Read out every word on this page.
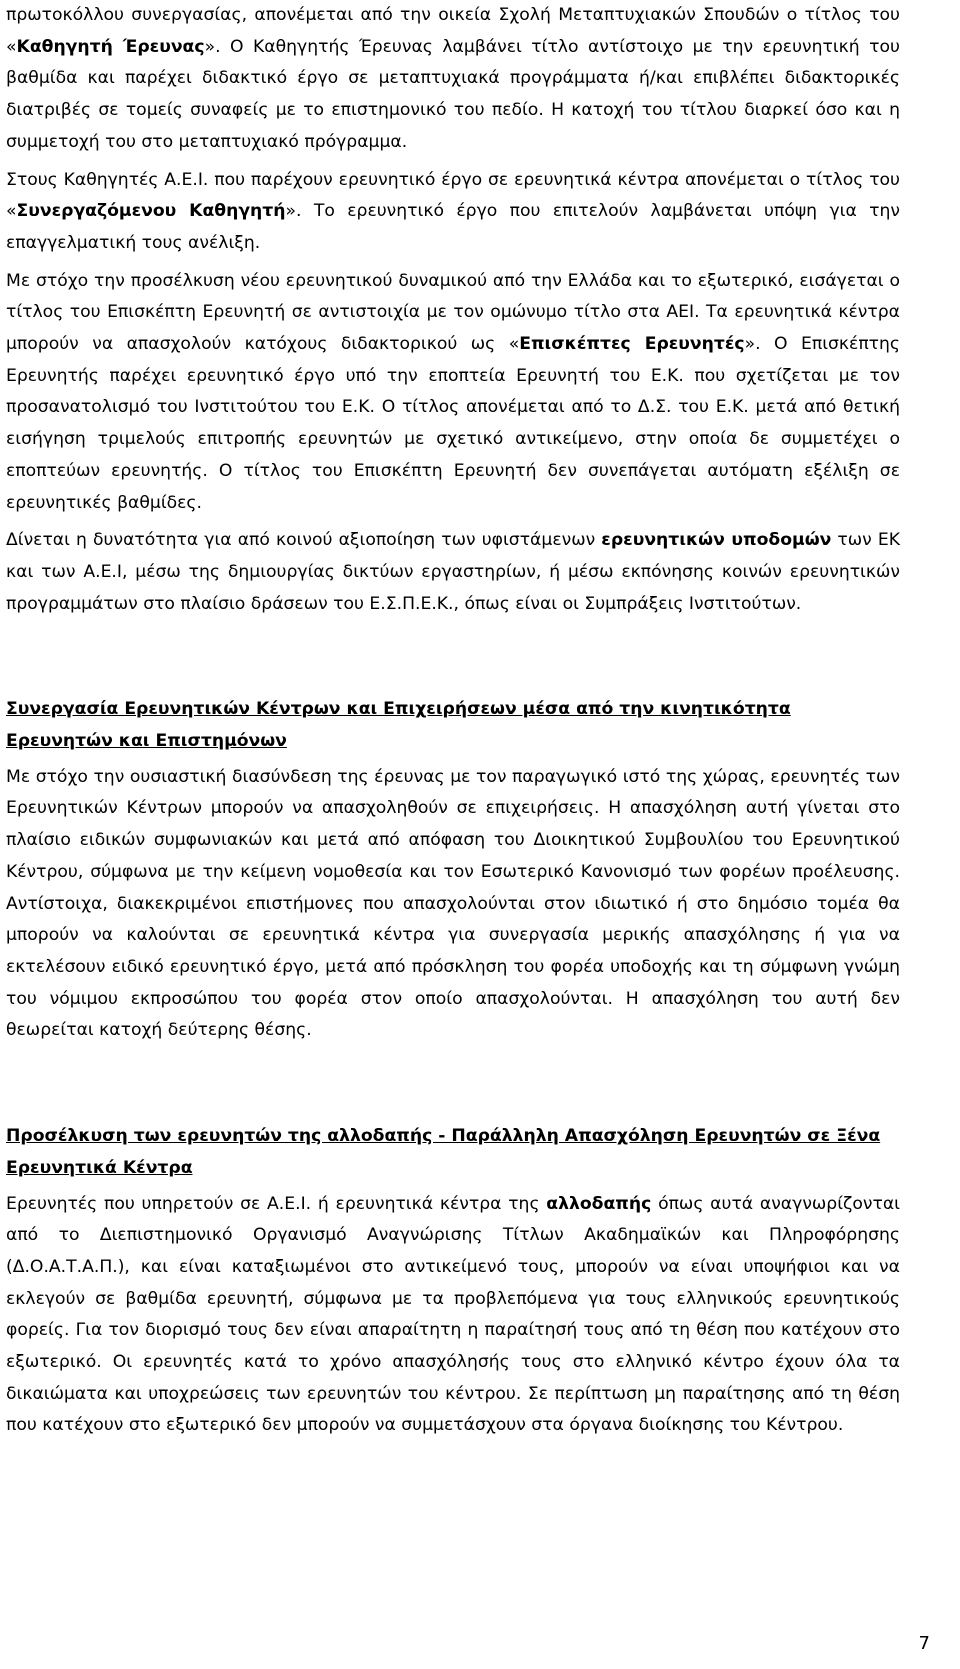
πρωτοκόλλου συνεργασίας, απονέμεται από την οικεία Σχολή Μεταπτυχιακών Σπουδών ο τίτλος του «Καθηγητή Έρευνας». Ο Καθηγητής Έρευνας λαμβάνει τίτλο αντίστοιχο με την ερευνητική του βαθμίδα και παρέχει διδακτικό έργο σε μεταπτυχιακά προγράμματα ή/και επιβλέπει διδακτορικές διατριβές σε τομείς συναφείς με το επιστημονικό του πεδίο. Η κατοχή του τίτλου διαρκεί όσο και η συμμετοχή του στο μεταπτυχιακό πρόγραμμα.

Στους Καθηγητές Α.Ε.Ι. που παρέχουν ερευνητικό έργο σε ερευνητικά κέντρα απονέμεται ο τίτλος του «Συνεργαζόμενου Καθηγητή». Το ερευνητικό έργο που επιτελούν λαμβάνεται υπόψη για την επαγγελματική τους ανέλιξη.

Με στόχο την προσέλκυση νέου ερευνητικού δυναμικού από την Ελλάδα και το εξωτερικό, εισάγεται ο τίτλος του Επισκέπτη Ερευνητή σε αντιστοιχία με τον ομώνυμο τίτλο στα ΑΕΙ. Τα ερευνητικά κέντρα μπορούν να απασχολούν κατόχους διδακτορικού ως «Επισκέπτες Ερευνητές». Ο Επισκέπτης Ερευνητής παρέχει ερευνητικό έργο υπό την εποπτεία Ερευνητή του Ε.Κ. που σχετίζεται με τον προσανατολισμό του Ινστιτούτου του Ε.Κ. Ο τίτλος απονέμεται από το Δ.Σ. του Ε.Κ. μετά από θετική εισήγηση τριμελούς επιτροπής ερευνητών με σχετικό αντικείμενο, στην οποία δε συμμετέχει ο εποπτεύων ερευνητής. Ο τίτλος του Επισκέπτη Ερευνητή δεν συνεπάγεται αυτόματη εξέλιξη σε ερευνητικές βαθμίδες.

Δίνεται η δυνατότητα για από κοινού αξιοποίηση των υφιστάμενων ερευνητικών υποδομών των ΕΚ και των Α.Ε.Ι, μέσω της δημιουργίας δικτύων εργαστηρίων, ή μέσω εκπόνησης κοινών ερευνητικών προγραμμάτων στο πλαίσιο δράσεων του Ε.Σ.Π.Ε.Κ., όπως είναι οι Συμπράξεις Ινστιτούτων.

Συνεργασία Ερευνητικών Κέντρων και Επιχειρήσεων μέσα από την κινητικότητα Ερευνητών και Επιστημόνων

Με στόχο την ουσιαστική διασύνδεση της έρευνας με τον παραγωγικό ιστό της χώρας, ερευνητές των Ερευνητικών Κέντρων μπορούν να απασχοληθούν σε επιχειρήσεις. Η απασχόληση αυτή γίνεται στο πλαίσιο ειδικών συμφωνιακών και μετά από απόφαση του Διοικητικού Συμβουλίου του Ερευνητικού Κέντρου, σύμφωνα με την κείμενη νομοθεσία και τον Εσωτερικό Κανονισμό των φορέων προέλευσης. Αντίστοιχα, διακεκριμένοι επιστήμονες που απασχολούνται στον ιδιωτικό ή στο δημόσιο τομέα θα μπορούν να καλούνται σε ερευνητικά κέντρα για συνεργασία μερικής απασχόλησης ή για να εκτελέσουν ειδικό ερευνητικό έργο, μετά από πρόσκληση του φορέα υποδοχής και τη σύμφωνη γνώμη του νόμιμου εκπροσώπου του φορέα στον οποίο απασχολούνται. Η απασχόληση του αυτή δεν θεωρείται κατοχή δεύτερης θέσης.

Προσέλκυση των ερευνητών της αλλοδαπής - Παράλληλη Απασχόληση Ερευνητών σε Ξένα Ερευνητικά Κέντρα

Ερευνητές που υπηρετούν σε Α.Ε.Ι. ή ερευνητικά κέντρα της αλλοδαπής όπως αυτά αναγνωρίζονται από το Διεπιστημονικό Οργανισμό Αναγνώρισης Τίτλων Ακαδημαϊκών και Πληροφόρησης (Δ.Ο.Α.Τ.Α.Π.), και είναι καταξιωμένοι στο αντικείμενό τους, μπορούν να είναι υποψήφιοι και να εκλεγούν σε βαθμίδα ερευνητή, σύμφωνα με τα προβλεπόμενα για τους ελληνικούς ερευνητικούς φορείς. Για τον διορισμό τους δεν είναι απαραίτητη η παραίτησή τους από τη θέση που κατέχουν στο εξωτερικό. Οι ερευνητές κατά το χρόνο απασχόλησής τους στο ελληνικό κέντρο έχουν όλα τα δικαιώματα και υποχρεώσεις των ερευνητών του κέντρου. Σε περίπτωση μη παραίτησης από τη θέση που κατέχουν στο εξωτερικό δεν μπορούν να συμμετάσχουν στα όργανα διοίκησης του Κέντρου.

7
